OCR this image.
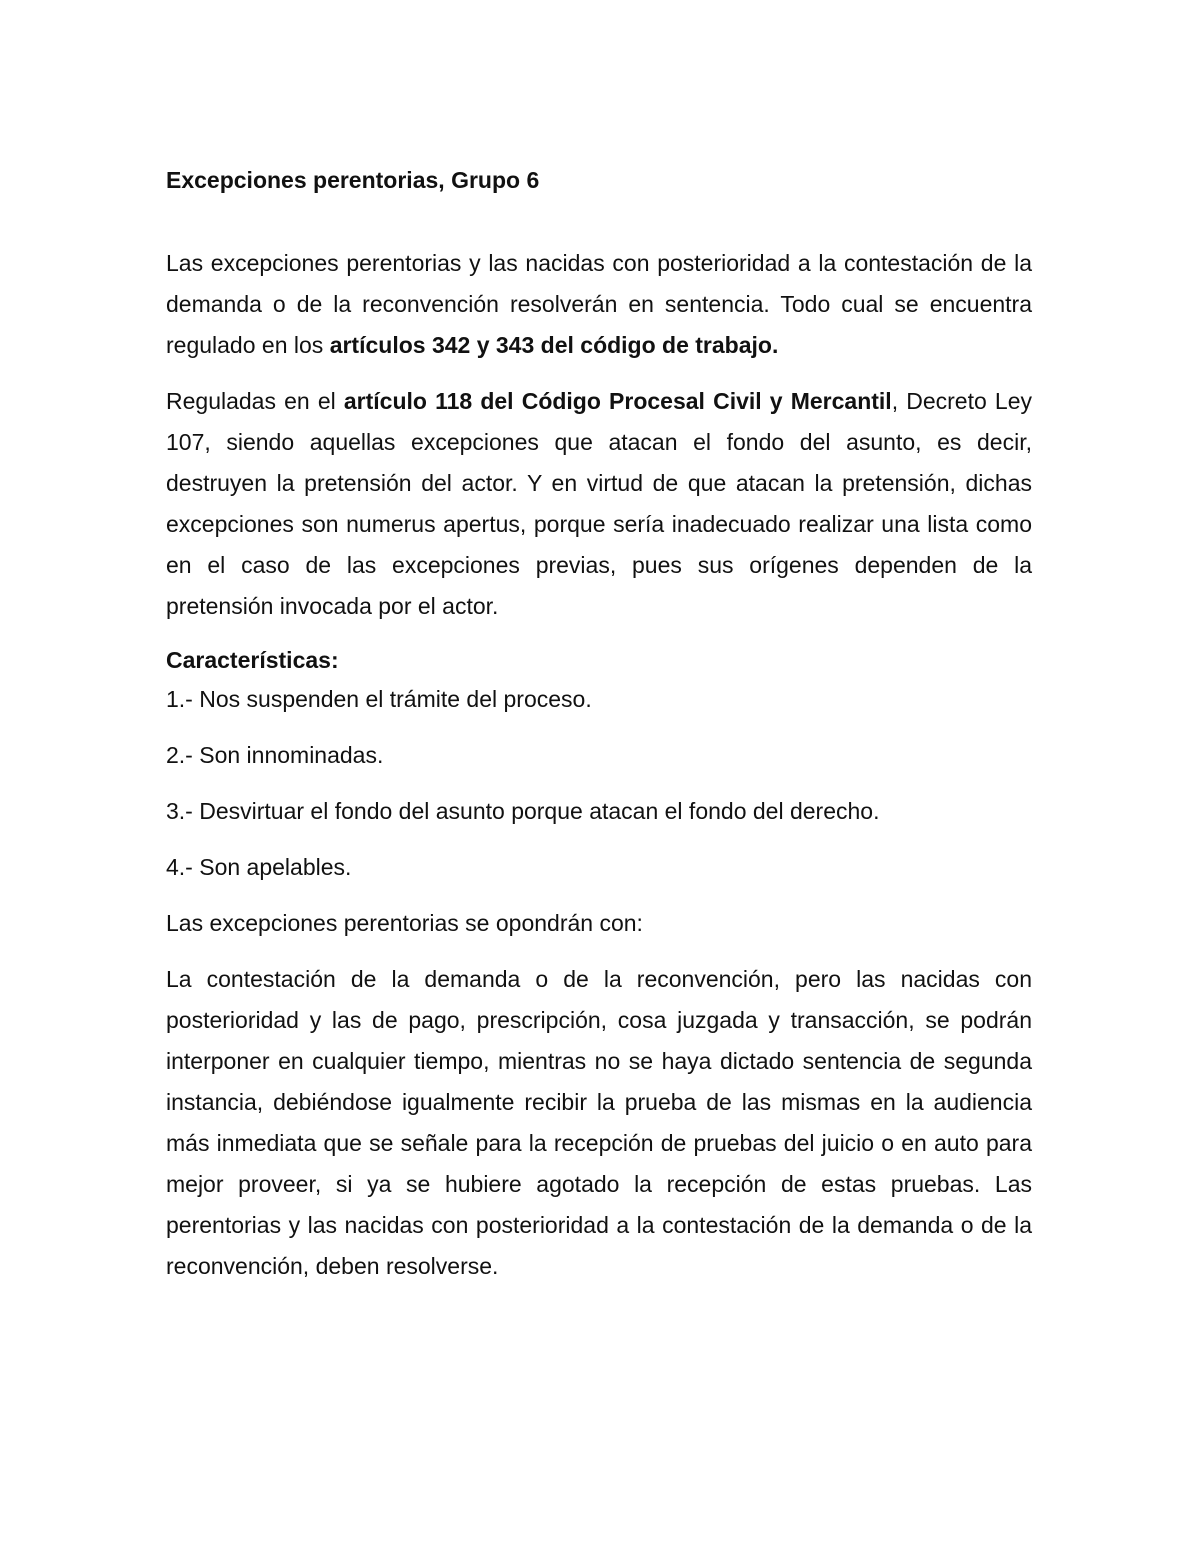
Excepciones perentorias, Grupo 6

Las excepciones perentorias y las nacidas con posterioridad a la contestación de la demanda o de la reconvención resolverán en sentencia. Todo cual se encuentra regulado en los artículos 342 y 343 del código de trabajo.

Reguladas en el artículo 118 del Código Procesal Civil y Mercantil, Decreto Ley 107, siendo aquellas excepciones que atacan el fondo del asunto, es decir, destruyen la pretensión del actor. Y en virtud de que atacan la pretensión, dichas excepciones son numerus apertus, porque sería inadecuado realizar una lista como en el caso de las excepciones previas, pues sus orígenes dependen de la pretensión invocada por el actor.

Características:

1.- Nos suspenden el trámite del proceso.

2.- Son innominadas.

3.- Desvirtuar el fondo del asunto porque atacan el fondo del derecho.

4.- Son apelables.

Las excepciones perentorias se opondrán con:

La contestación de la demanda o de la reconvención, pero las nacidas con posterioridad y las de pago, prescripción, cosa juzgada y transacción, se podrán interponer en cualquier tiempo, mientras no se haya dictado sentencia de segunda instancia, debiéndose igualmente recibir la prueba de las mismas en la audiencia más inmediata que se señale para la recepción de pruebas del juicio o en auto para mejor proveer, si ya se hubiere agotado la recepción de estas pruebas. Las perentorias y las nacidas con posterioridad a la contestación de la demanda o de la reconvención, deben resolverse.
